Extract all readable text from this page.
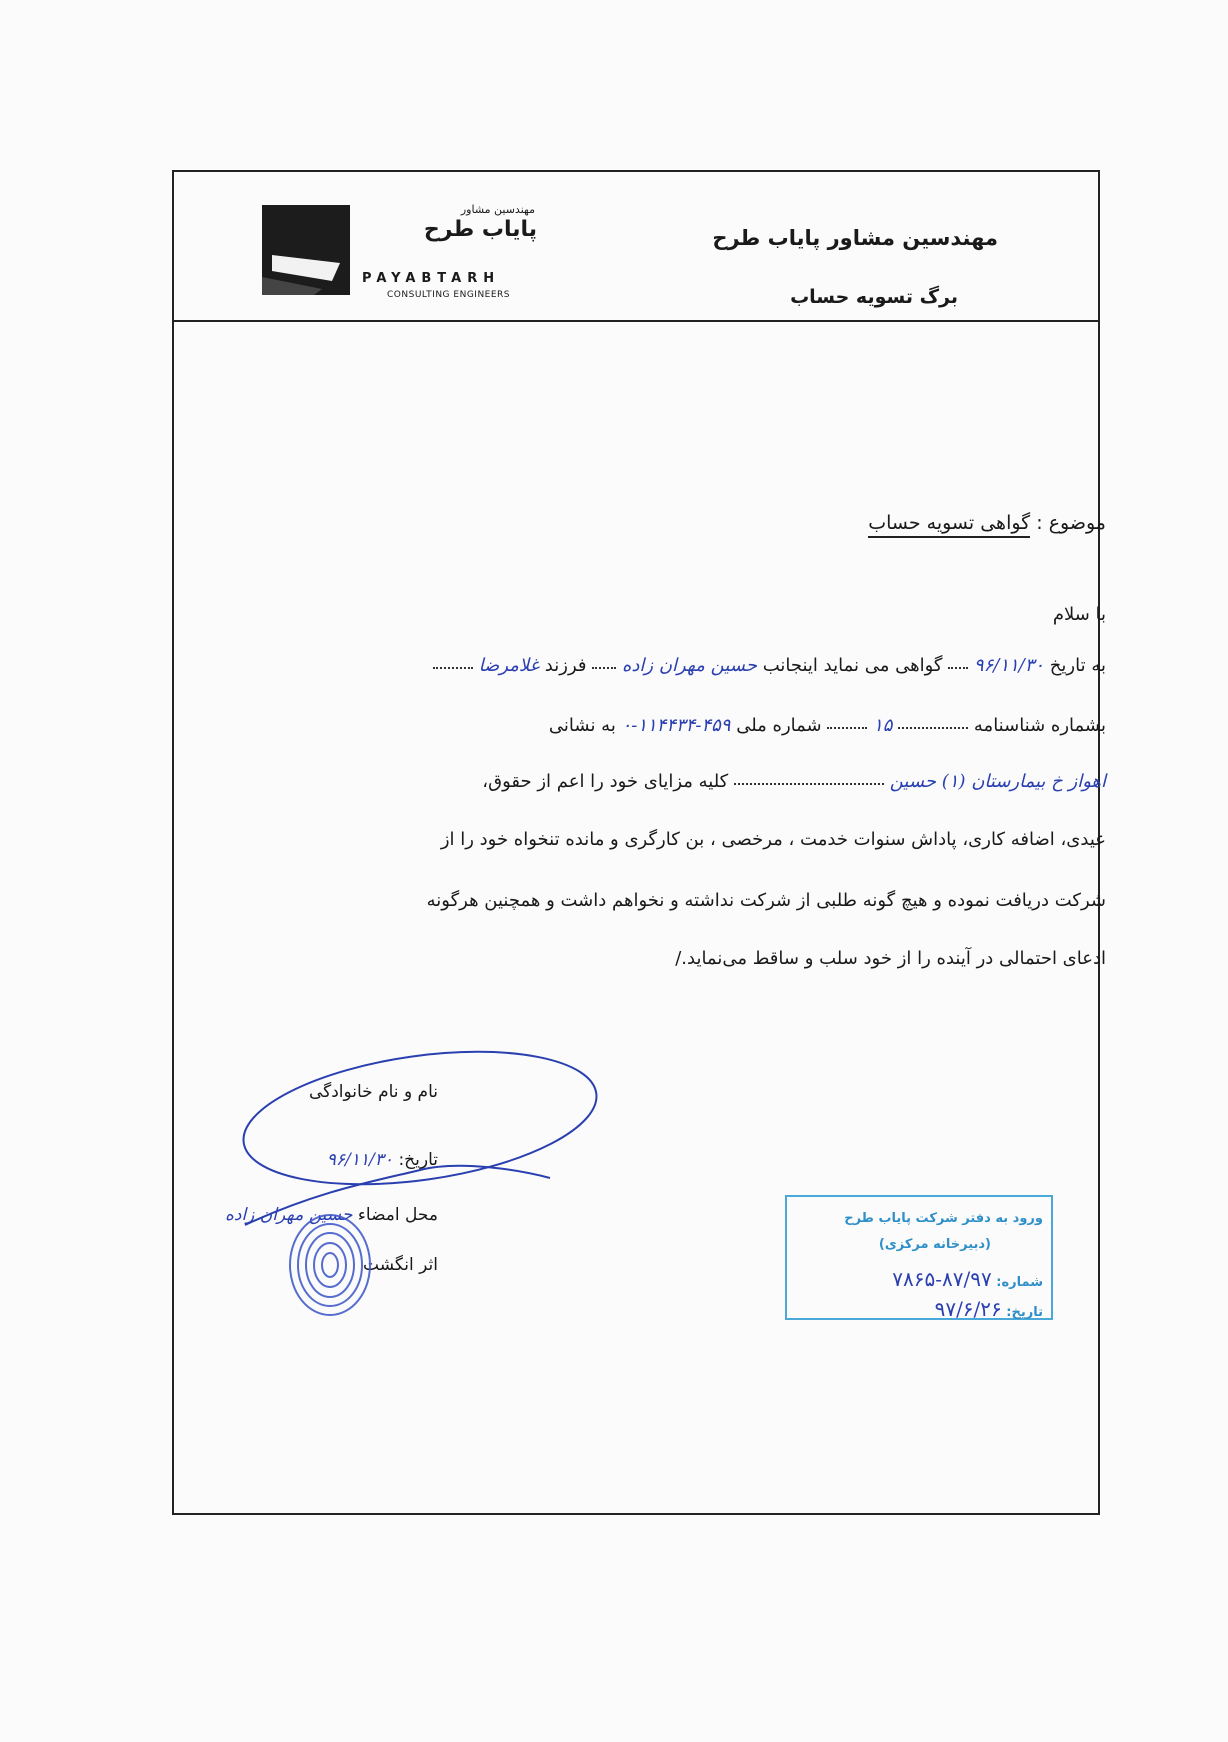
مهندسین مشاور پایاب طرح
برگ تسویه حساب
مهندسین مشاور
پایاب طرح
PAYABTARH
CONSULTING ENGINEERS
موضوع : گواهی تسویه حساب
با سلام
به تاریخ ۹۶/۱۱/۳۰  گواهی می نماید اینجانب حسین مهران زاده  فرزند غلامرضا
بشماره شناسنامه  ۱۵  شماره ملی ۴۵۹-۱۱۴۴۳۴-۰ به نشانی
اهواز خ بیمارستان (۱) حسین  کلیه مزایای خود را اعم از حقوق،
عیدی، اضافه کاری، پاداش سنوات خدمت ، مرخصی ، بن کارگری و مانده تنخواه خود را از
شرکت دریافت نموده و هیچ گونه طلبی از شرکت نداشته و نخواهم داشت و همچنین هرگونه
ادعای احتمالی در آینده را از خود سلب و ساقط می‌نماید./
نام و نام خانوادگی
تاریخ: ۹۶/۱۱/۳۰
محل امضاء حسین مهران زاده
اثر انگشت
ورود به دفتر شرکت پایاب طرح
(دبیرخانه مرکزی)
شماره: ۸۷/۹۷-۷۸۶۵
تاریخ: ۹۷/۶/۲۶
